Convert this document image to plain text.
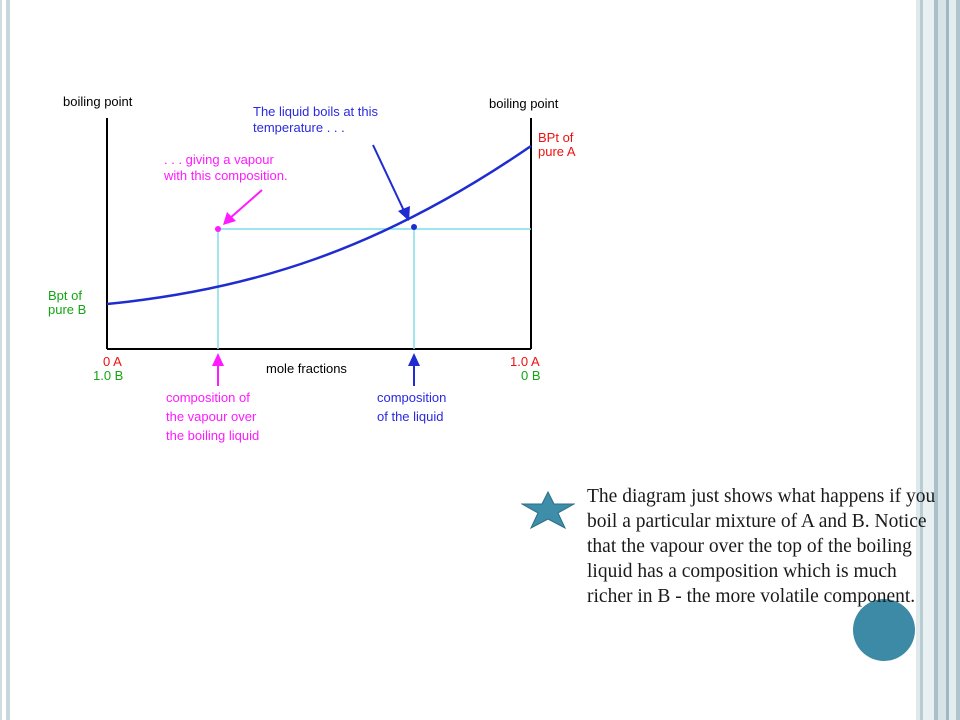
boiling point	boiling point
BPt of
pure A
Bpt of
pure B
The liquid boils at this
temperature . . .
. . . giving a vapour
with this composition.
0 A
1.0 B
1.0 A
0 B
mole fractions
composition of
the vapour over
the boiling liquid
composition
of the liquid

The diagram just shows what happens if you boil a particular mixture of A and B. Notice that the vapour over the top of the boiling liquid has a composition which is much richer in B - the more volatile component.
